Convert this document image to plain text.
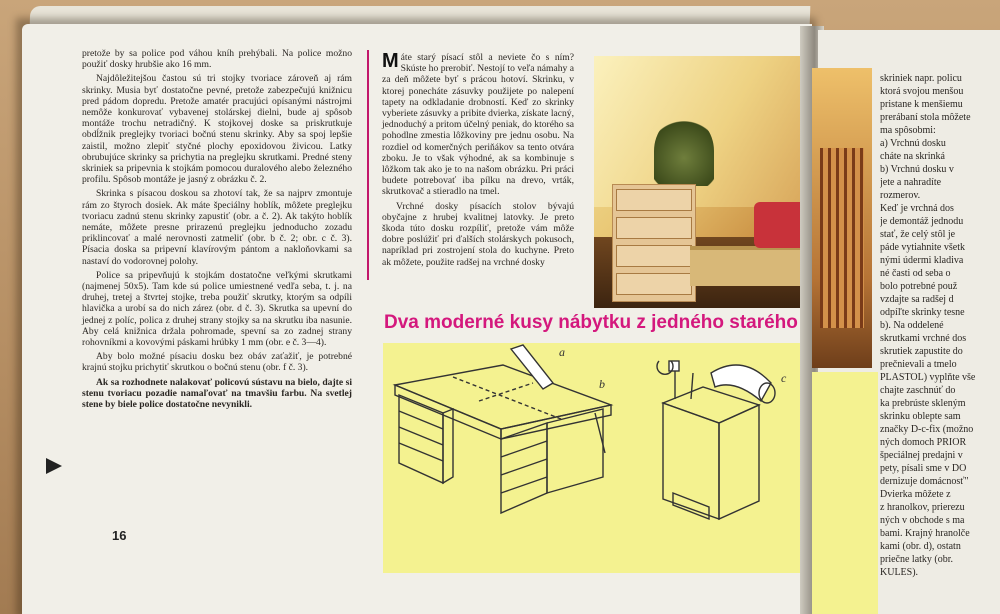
pretože by sa police pod váhou kníh prehýbali. Na police možno použiť dosky hrubšie ako 16 mm.

Najdôležitejšou častou sú tri stojky tvoriace zároveň aj rám skrinky. Musia byť dostatočne pevné, pretože zabezpečujú knižnicu pred pádom dopredu. Pretože amatér pracujúci opísanými nástrojmi nemôže konkurovať vybavenej stolárskej dielni, bude aj spôsob montáže trochu netradičný. K stojkovej doske sa priskrutkuje obdĺžnik preglejky tvoriaci bočnú stenu skrinky. Aby sa spoj lepšie zaistil, možno zlepiť styčné plochy epoxidovou živicou. Latky obrubujúce skrinky sa prichytia na preglejku skrutkami. Predné steny skriniek sa pripevnia k stojkám pomocou duralového alebo železného profilu. Spôsob montáže je jasný z obrázku č. 2.

Skrinka s písacou doskou sa zhotoví tak, že sa najprv zmontuje rám zo štyroch dosiek. Ak máte špeciálny hoblík, môžete preglejku tvoriacu zadnú stenu skrinky zapustiť (obr. a č. 2). Ak takýto hoblík nemáte, môžete presne prirazenú preglejku jednoducho zozadu priklincovať a malé nerovnosti zatmeliť (obr. b č. 2; obr. c č. 3). Písacia doska sa pripevní klavírovým pántom a nakloňovkami sa nastaví do vodorovnej polohy.

Police sa pripevňujú k stojkám dostatočne veľkými skrutkami (najmenej 50x5). Tam kde sú police umiestnené vedľa seba, t. j. na druhej, tretej a štvrtej stojke, treba použiť skrutky, ktorým sa odpíli hlavička a urobí sa do nich zárez (obr. d č. 3). Skrutka sa upevní do jednej z políc, polica z druhej strany stojky sa na skrutku iba nasunie. Aby celá knižnica držala pohromade, spevní sa zo zadnej strany rohovníkmi a kovovými páskami hrúbky 1 mm (obr. e č. 3—4).

Aby bolo možné písaciu dosku bez obáv zaťažiť, je potrebné krajnú stojku prichytiť skrutkou o bočnú stenu (obr. f č. 3).

Ak sa rozhodnete nalakovať policovú sústavu na bielo, dajte si stenu tvoriacu pozadie namaľovať na tmavšiu farbu. Na svetlej stene by biele police dostatočne nevynikli.

Máte starý písací stôl a neviete čo s ním? Skúste ho prerobiť. Nestojí to veľa námahy a za deň môžete byť s prácou hotoví. Skrinku, v ktorej ponecháte zásuvky použijete po nalepení tapety na odkladanie drobností. Keď zo skrinky vyberiete zásuvky a pribite dvierka, získate lacný, jednoduchý a pritom účelný peniak, do ktorého sa pohodlne zmestia lôžkoviny pre jednu osobu. Na rozdiel od komerčných periňákov sa tento otvára zboku. Je to však výhodné, ak sa kombinuje s lôžkom tak ako je to na našom obrázku. Pri práci budete potrebovať iba pílku na drevo, vrták, skrutkovač a stieradlo na tmel.

Vrchné dosky písacích stolov bývajú obyčajne z hrubej kvalitnej latovky. Je preto škoda túto dosku rozpíliť, pretože vám môže dobre poslúžiť pri ďalších stolárskych pokusoch, napríklad pri zostrojení stola do kuchyne. Preto ak môžete, použite radšej na vrchné dosky

Dva moderné kusy nábytku z jedného starého
a
b	c
16
skriniek napr. policu
ktorá svojou menšou
pristane k menšiemu
prerábaní stola môžete
ma spôsobmi:
a) Vrchnú dosku
cháte na skrinká
b) Vrchnú dosku v
jete a nahradíte
rozmerov.
Keď je vrchná dos
je demontáž jednodu
stať, že celý stôl je
páde vytiahnite všetk
nými údermi kladiva
né časti od seba o
bolo potrebné použ
vzdajte sa radšej d
odpíľte skrinky tesne
b). Na oddelené
skrutkami vrchné dos
skrutiek zapustite do
prečnievali a tmelo
PLASTOL) vyplňte vše
chajte zaschnúť do
ka prebrúste skleným
skrinku oblepte sam
značky D-c-fix (možno
ných domoch PRIOR
špeciálnej predajni v
pety, písali sme v DO
dernizuje domácnosť"
Dvierka môžete z
z hranolkov, prierezu
ných v obchode s ma
bami. Krajný hranolče
kami (obr. d), ostatn
priečne latky (obr.
KULES).
